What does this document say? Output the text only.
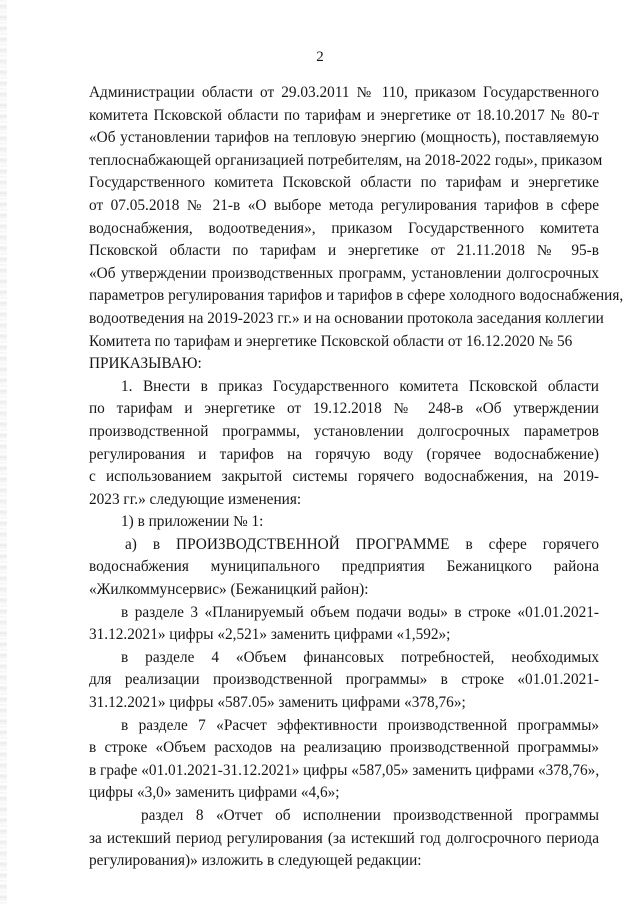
2
Администрации области от 29.03.2011 № 110, приказом Государственного
комитета Псковской области по тарифам и энергетике от 18.10.2017 № 80-т
«Об установлении тарифов на тепловую энергию (мощность), поставляемую
теплоснабжающей организацией потребителям, на 2018-2022 годы», приказом
Государственного комитета Псковской области по тарифам и энергетике
от 07.05.2018 № 21-в «О выборе метода регулирования тарифов в сфере
водоснабжения, водоотведения», приказом Государственного комитета
Псковской области по тарифам и энергетике от 21.11.2018 № 95-в
«Об утверждении производственных программ, установлении долгосрочных
параметров регулирования тарифов и тарифов в сфере холодного водоснабжения,
водоотведения на 2019-2023 гг.» и на основании протокола заседания коллегии
Комитета по тарифам и энергетике Псковской области от 16.12.2020 № 56
ПРИКАЗЫВАЮ:
1. Внести в приказ Государственного комитета Псковской области
по тарифам и энергетике от 19.12.2018 № 248-в «Об утверждении
производственной программы, установлении долгосрочных параметров
регулирования и тарифов на горячую воду (горячее водоснабжение)
с использованием закрытой системы горячего водоснабжения, на 2019-
2023 гг.» следующие изменения:
1) в приложении № 1:
а) в ПРОИЗВОДСТВЕННОЙ ПРОГРАММЕ в сфере горячего
водоснабжения муниципального предприятия Бежаницкого района
«Жилкоммунсервис» (Бежаницкий район):
в разделе 3 «Планируемый объем подачи воды» в строке «01.01.2021-
31.12.2021» цифры «2,521» заменить цифрами «1,592»;
в разделе 4 «Объем финансовых потребностей, необходимых
для реализации производственной программы» в строке «01.01.2021-
31.12.2021» цифры «587.05» заменить цифрами «378,76»;
в разделе 7 «Расчет эффективности производственной программы»
в строке «Объем расходов на реализацию производственной программы»
в графе «01.01.2021-31.12.2021» цифры «587,05» заменить цифрами «378,76»,
цифры «3,0» заменить цифрами «4,6»;
раздел 8 «Отчет об исполнении производственной программы
за истекший период регулирования (за истекший год долгосрочного периода
регулирования)» изложить в следующей редакции:
